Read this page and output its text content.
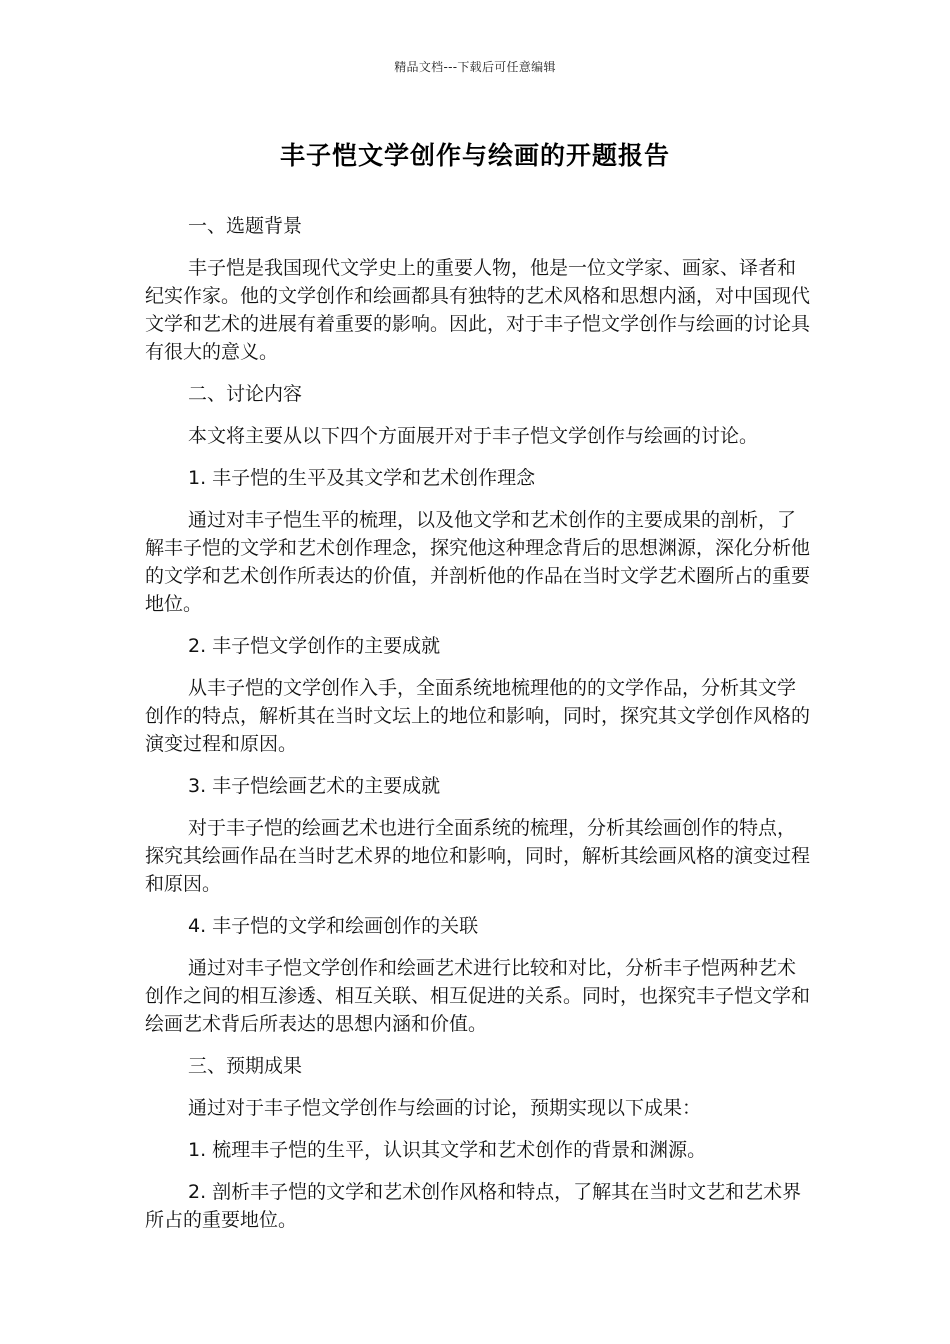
精品文档---下载后可任意编辑
丰子恺文学创作与绘画的开题报告

一、选题背景

丰子恺是我国现代文学史上的重要人物，他是一位文学家、画家、译者和纪实作家。他的文学创作和绘画都具有独特的艺术风格和思想内涵，对中国现代文学和艺术的进展有着重要的影响。因此，对于丰子恺文学创作与绘画的讨论具有很大的意义。

二、讨论内容

本文将主要从以下四个方面展开对于丰子恺文学创作与绘画的讨论。

1. 丰子恺的生平及其文学和艺术创作理念

通过对丰子恺生平的梳理，以及他文学和艺术创作的主要成果的剖析，了解丰子恺的文学和艺术创作理念，探究他这种理念背后的思想渊源，深化分析他的文学和艺术创作所表达的价值，并剖析他的作品在当时文学艺术圈所占的重要地位。

2. 丰子恺文学创作的主要成就

从丰子恺的文学创作入手，全面系统地梳理他的的文学作品，分析其文学创作的特点，解析其在当时文坛上的地位和影响，同时，探究其文学创作风格的演变过程和原因。

3. 丰子恺绘画艺术的主要成就

对于丰子恺的绘画艺术也进行全面系统的梳理，分析其绘画创作的特点，探究其绘画作品在当时艺术界的地位和影响，同时，解析其绘画风格的演变过程和原因。

4. 丰子恺的文学和绘画创作的关联

通过对丰子恺文学创作和绘画艺术进行比较和对比，分析丰子恺两种艺术创作之间的相互渗透、相互关联、相互促进的关系。同时，也探究丰子恺文学和绘画艺术背后所表达的思想内涵和价值。

三、预期成果

通过对于丰子恺文学创作与绘画的讨论，预期实现以下成果：

1. 梳理丰子恺的生平，认识其文学和艺术创作的背景和渊源。

2. 剖析丰子恺的文学和艺术创作风格和特点，了解其在当时文艺和艺术界所占的重要地位。
